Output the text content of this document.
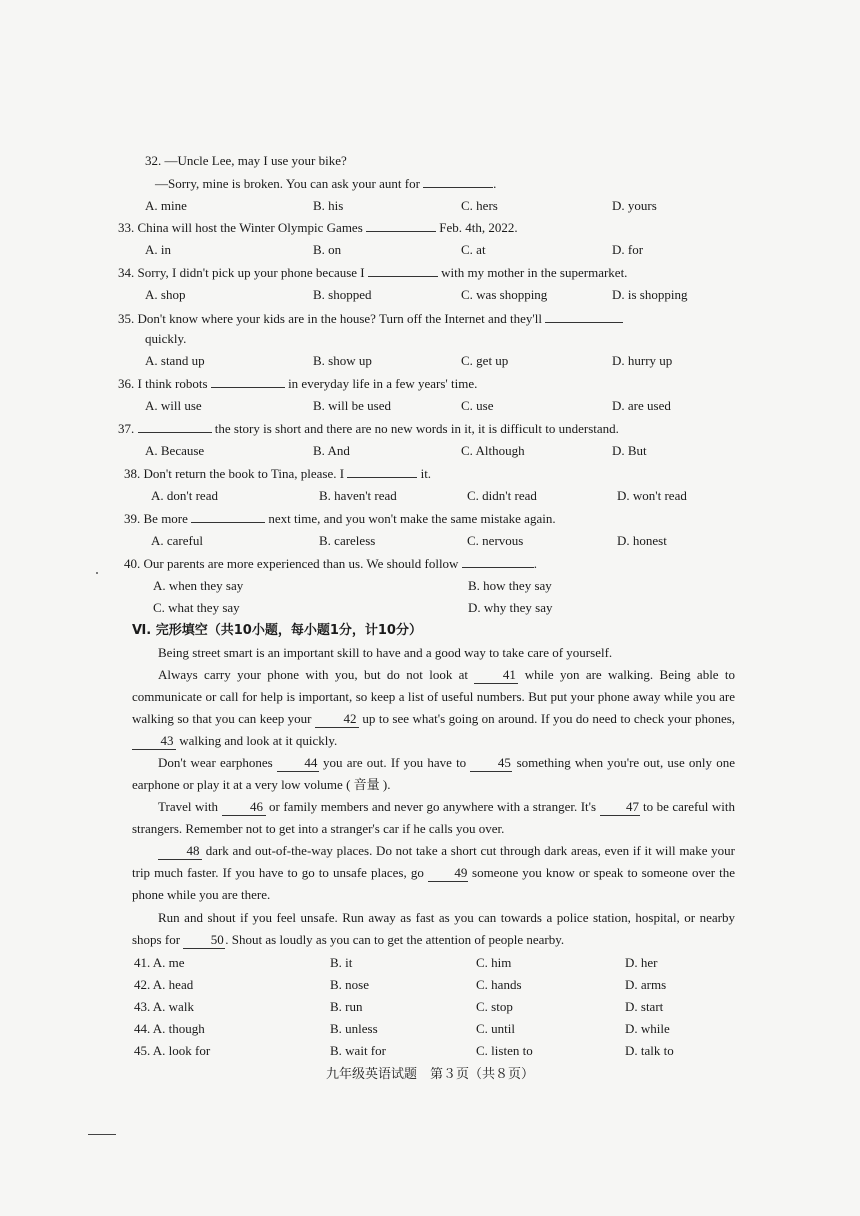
32. —Uncle Lee, may I use your bike?
—Sorry, mine is broken. You can ask your aunt for	.
A. mine	B. his	C. hers	D. yours
33. China will host the Winter Olympic Games	Feb. 4th, 2022.
A. in	B. on	C. at	D. for
34. Sorry, I didn't pick up your phone because I	with my mother in the supermarket.
A. shop	B. shopped	C. was shopping	D. is shopping
35. Don't know where your kids are in the house? Turn off the Internet and they'll
quickly.
A. stand up	B. show up	C. get up	D. hurry up
36. I think robots	in everyday life in a few years' time.
A. will use	B. will be used	C. use	D. are used
37.	the story is short and there are no new words in it, it is difficult to understand.
A. Because	B. And	C. Although	D. But
38. Don't return the book to Tina, please. I	it.
A. don't read	B. haven't read	C. didn't read	D. won't read
39. Be more	next time, and you won't make the same mistake again.
A. careful	B. careless	C. nervous	D. honest
40. Our parents are more experienced than us. We should follow	.
A. when they say	B. how they say
C. what they say	D. why they say
Ⅵ. 完形填空（共10小题，每小题1分，计10分）
Being street smart is an important skill to have and a good way to take care of yourself.
Always carry your phone with you, but do not look at	41 while yon are walking. Being able to communicate or call for help is important, so keep a list of useful numbers. But put your phone away while you are walking so that you can keep your 42 up to see what's going on around. If you do need to check your phones, 43 walking and look at it quickly.
Don't wear earphones 44 you are out. If you have to 45 something when you're out, use only one earphone or play it at a very low volume ( 音量 ).
Travel with 46 or family members and never go anywhere with a stranger. It's 47 to be careful with strangers. Remember not to get into a stranger's car if he calls you over.
48 dark and out-of-the-way places. Do not take a short cut through dark areas, even if it will make your trip much faster. If you have to go to unsafe places, go 49 someone you know or speak to someone over the phone while you are there.
Run and shout if you feel unsafe. Run away as fast as you can towards a police station, hospital, or nearby shops for 50 . Shout as loudly as you can to get the attention of people nearby.
41. A. me	B. it	C. him	D. her
42. A. head	B. nose	C. hands	D. arms
43. A. walk	B. run	C. stop	D. start
44. A. though	B. unless	C. until	D. while
45. A. look for	B. wait for	C. listen to	D. talk to
九年级英语试题　第３页（共８页）
